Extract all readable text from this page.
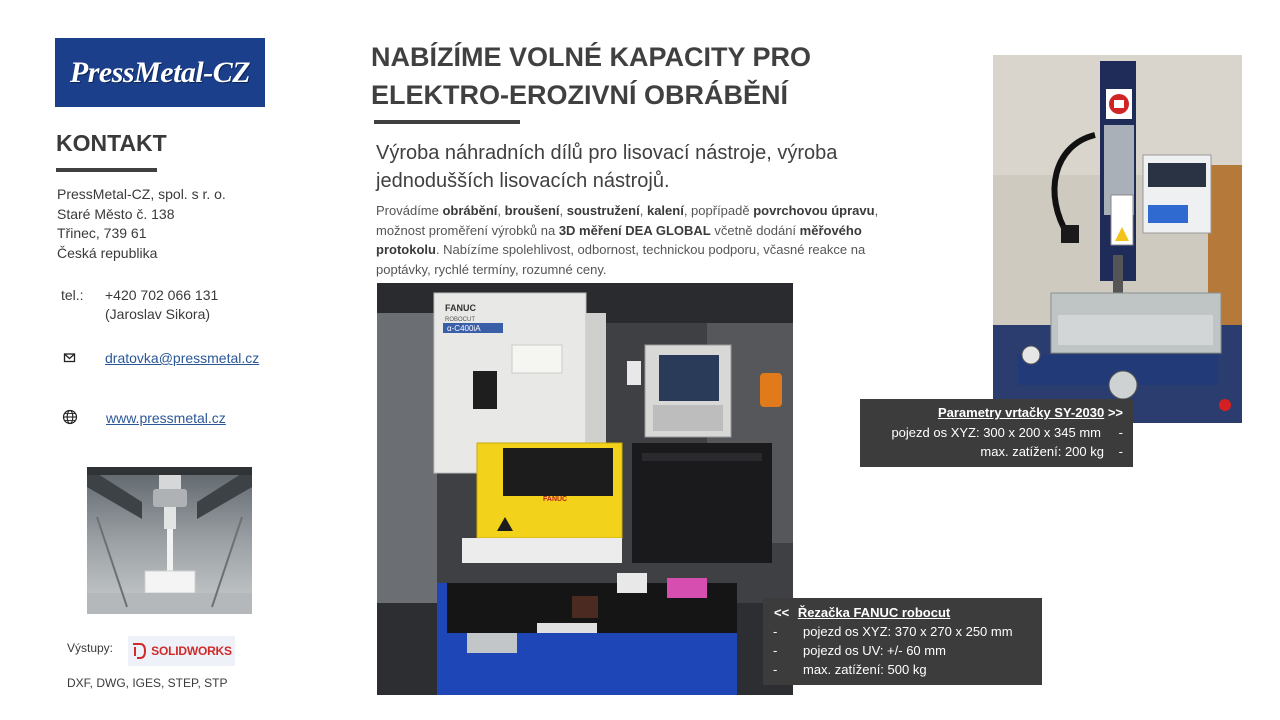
PressMetal-CZ
KONTAKT
PressMetal-CZ, spol. s r. o.
Staré Město č. 138
Třinec, 739 61
Česká republika
tel.: +420 702 066 131
(Jaroslav Sikora)
dratovka@pressmetal.cz
www.pressmetal.cz
Výstupy:	SOLIDWORKS
DXF, DWG, IGES, STEP, STP
NABÍZÍME VOLNÉ KAPACITY PRO
ELEKTRO-EROZIVNÍ OBRÁBĚNÍ
Výroba náhradních dílů pro lisovací nástroje, výroba jednodušších lisovacích nástrojů.
Provádíme obrábění, broušení, soustružení, kalení, popřípadě povrchovou úpravu, možnost proměření výrobků na 3D měření DEA GLOBAL včetně dodání měřového protokolu. Nabízíme spolehlivost, odbornost, technickou podporu, včasné reakce na poptávky, rychlé termíny, rozumné ceny.
FANUC
ROBOCUT
α-C400iA
FANUC
Parametry vrtačky SY-2030 >>
pojezd os XYZ: 300 x 200 x 345 mm -
max. zatížení: 200 kg -
<< Řezačka FANUC robocut
- pojezd os XYZ: 370 x 270 x 250 mm
- pojezd os UV: +/- 60 mm
- max. zatížení: 500 kg
